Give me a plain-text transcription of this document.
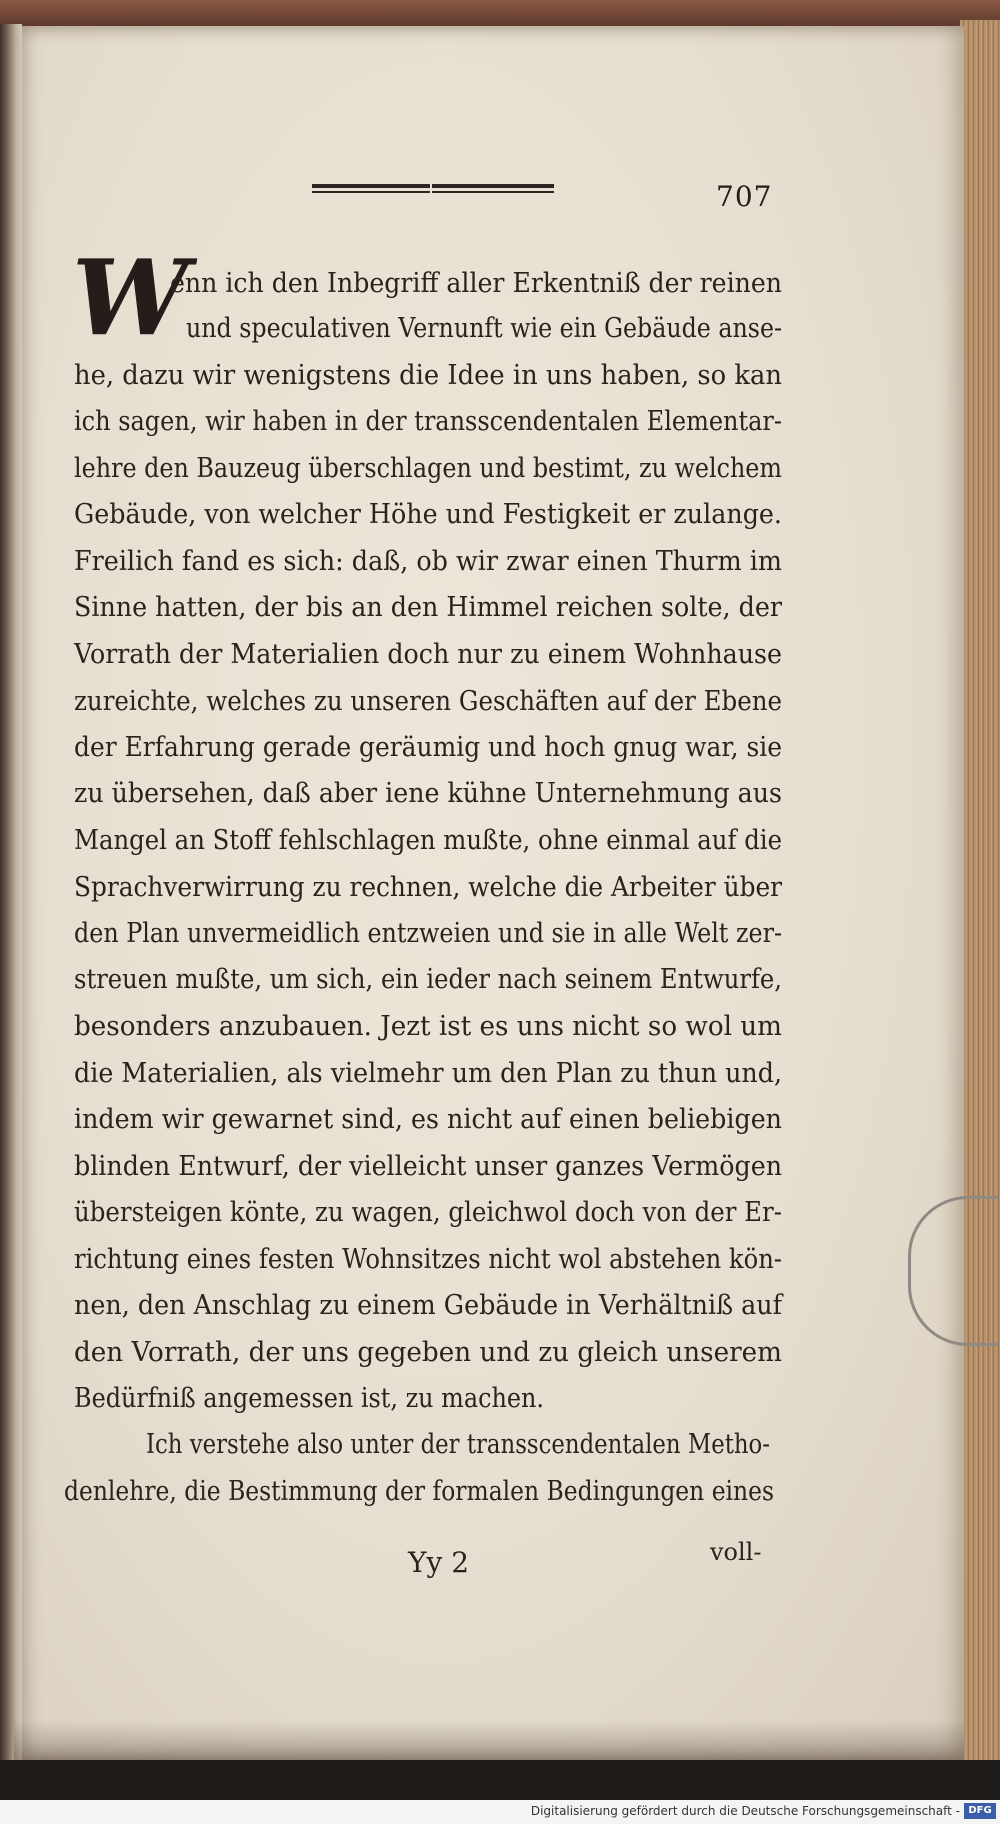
707
W
enn ich den Inbegriff aller Erkentniß der reinen
und speculativen Vernunft wie ein Gebäude anse-
he, dazu wir wenigstens die Idee in uns haben, so kan
ich sagen, wir haben in der transscendentalen Elementar-
lehre den Bauzeug überschlagen und bestimt, zu welchem
Gebäude, von welcher Höhe und Festigkeit er zulange.
Freilich fand es sich: daß, ob wir zwar einen Thurm im
Sinne hatten, der bis an den Himmel reichen solte, der
Vorrath der Materialien doch nur zu einem Wohnhause
zureichte, welches zu unseren Geschäften auf der Ebene
der Erfahrung gerade geräumig und hoch gnug war, sie
zu übersehen, daß aber iene kühne Unternehmung aus
Mangel an Stoff fehlschlagen mußte, ohne einmal auf die
Sprachverwirrung zu rechnen, welche die Arbeiter über
den Plan unvermeidlich entzweien und sie in alle Welt zer-
streuen mußte, um sich, ein ieder nach seinem Entwurfe,
besonders anzubauen. Jezt ist es uns nicht so wol um
die Materialien, als vielmehr um den Plan zu thun und,
indem wir gewarnet sind, es nicht auf einen beliebigen
blinden Entwurf, der vielleicht unser ganzes Vermögen
übersteigen könte, zu wagen, gleichwol doch von der Er-
richtung eines festen Wohnsitzes nicht wol abstehen kön-
nen, den Anschlag zu einem Gebäude in Verhältniß auf
den Vorrath, der uns gegeben und zu gleich unserem
Bedürfniß angemessen ist, zu machen.
Ich verstehe also unter der transscendentalen Metho-
denlehre, die Bestimmung der formalen Bedingungen eines
Yy 2	voll-
Digitalisierung gefördert durch die Deutsche Forschungsgemeinschaft - DFG
